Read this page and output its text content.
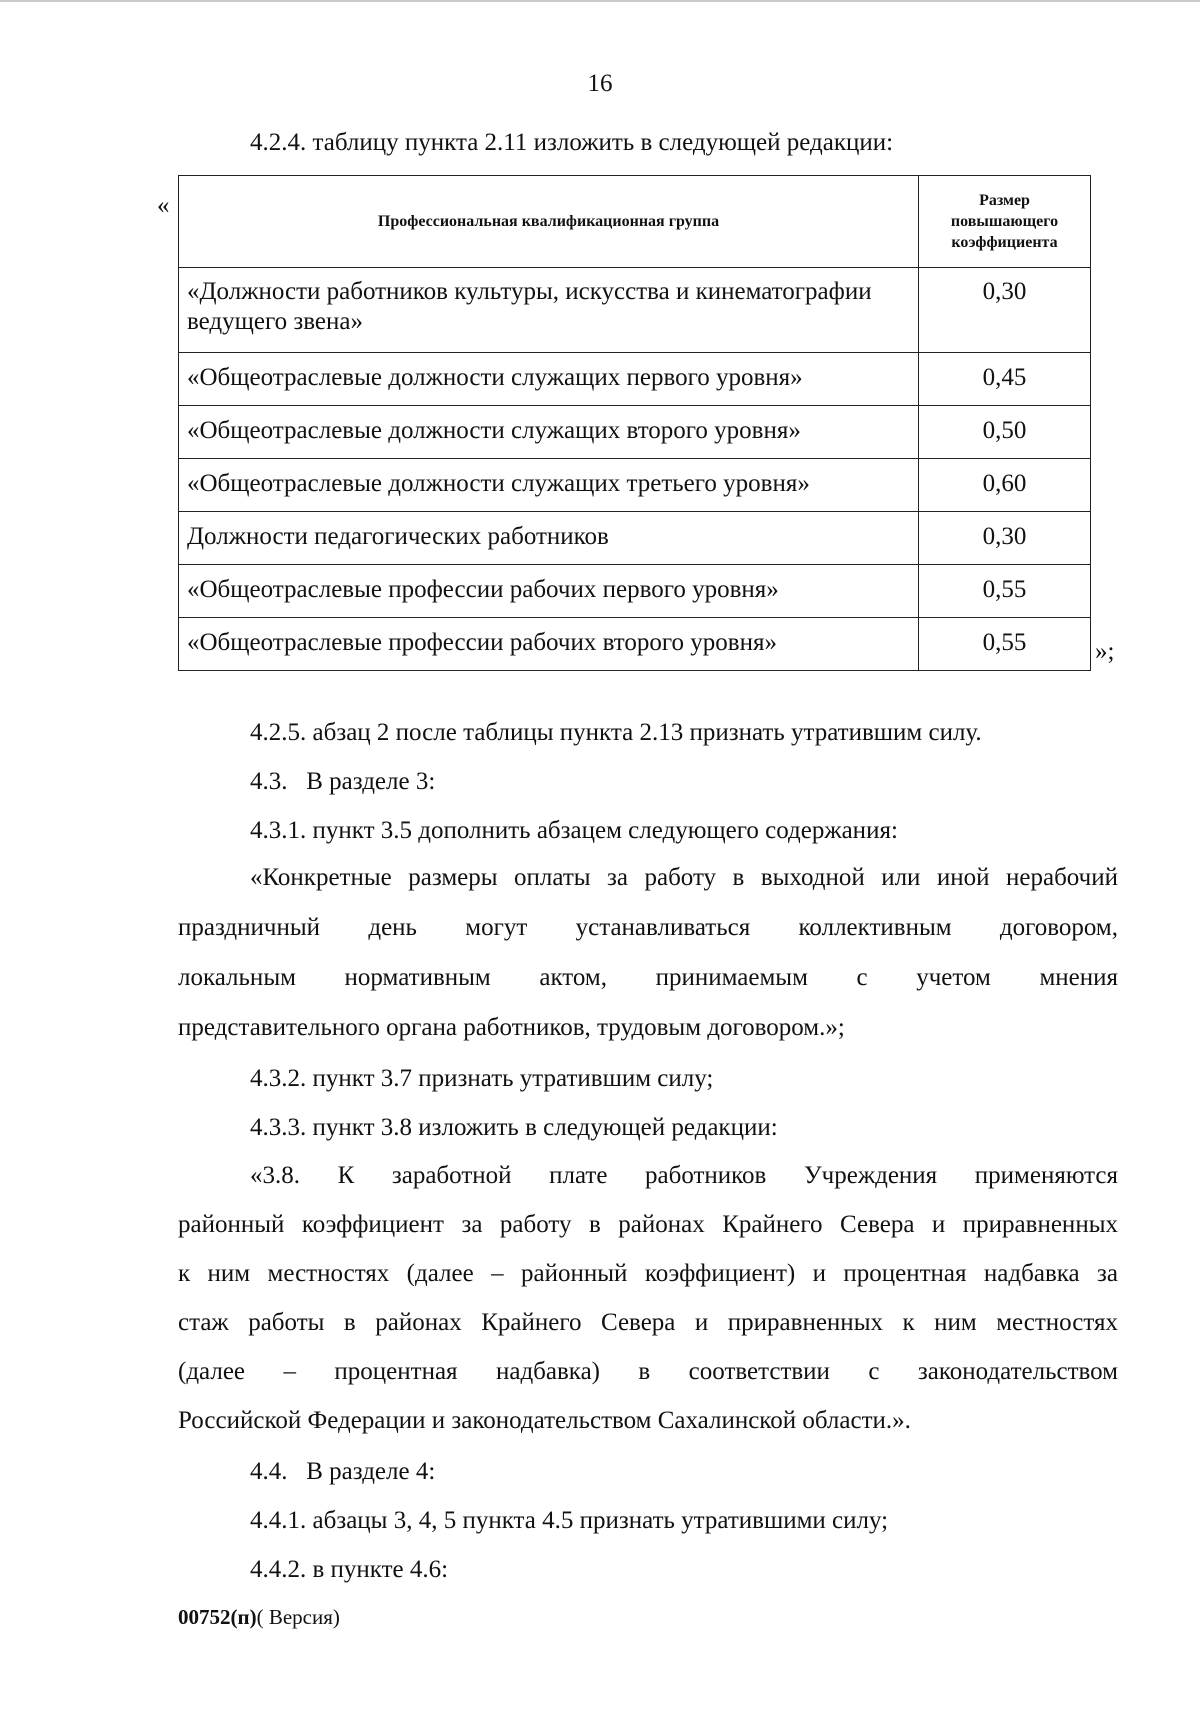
16
4.2.4. таблицу пункта 2.11 изложить в следующей редакции:
«
Профессиональная квалификационная группа	Размер повышающего коэффициента
«Должности работников культуры, искусства и кинематографии ведущего звена»	0,30
«Общеотраслевые должности служащих первого уровня»	0,45
«Общеотраслевые должности служащих второго уровня»	0,50
«Общеотраслевые должности служащих третьего уровня»	0,60
Должности педагогических работников	0,30
«Общеотраслевые профессии рабочих первого уровня»	0,55
«Общеотраслевые профессии рабочих второго уровня»	0,55	»;
4.2.5. абзац 2 после таблицы пункта 2.13 признать утратившим силу.
4.3.   В разделе 3:
4.3.1. пункт 3.5 дополнить абзацем следующего содержания:
«Конкретные размеры оплаты за работу в выходной или иной нерабочий
праздничный день могут устанавливаться коллективным договором,
локальным нормативным актом, принимаемым с учетом мнения
представительного органа работников, трудовым договором.»;
4.3.2. пункт 3.7 признать утратившим силу;
4.3.3. пункт 3.8 изложить в следующей редакции:
«3.8. К заработной плате работников Учреждения применяются
районный коэффициент за работу в районах Крайнего Севера и приравненных
к ним местностях (далее – районный коэффициент) и процентная надбавка за
стаж работы в районах Крайнего Севера и приравненных к ним местностях
(далее – процентная надбавка) в соответствии с законодательством
Российской Федерации и законодательством Сахалинской области.».
4.4.   В разделе 4:
4.4.1. абзацы 3, 4, 5 пункта 4.5 признать утратившими силу;
4.4.2. в пункте 4.6:
00752(п)( Версия)
